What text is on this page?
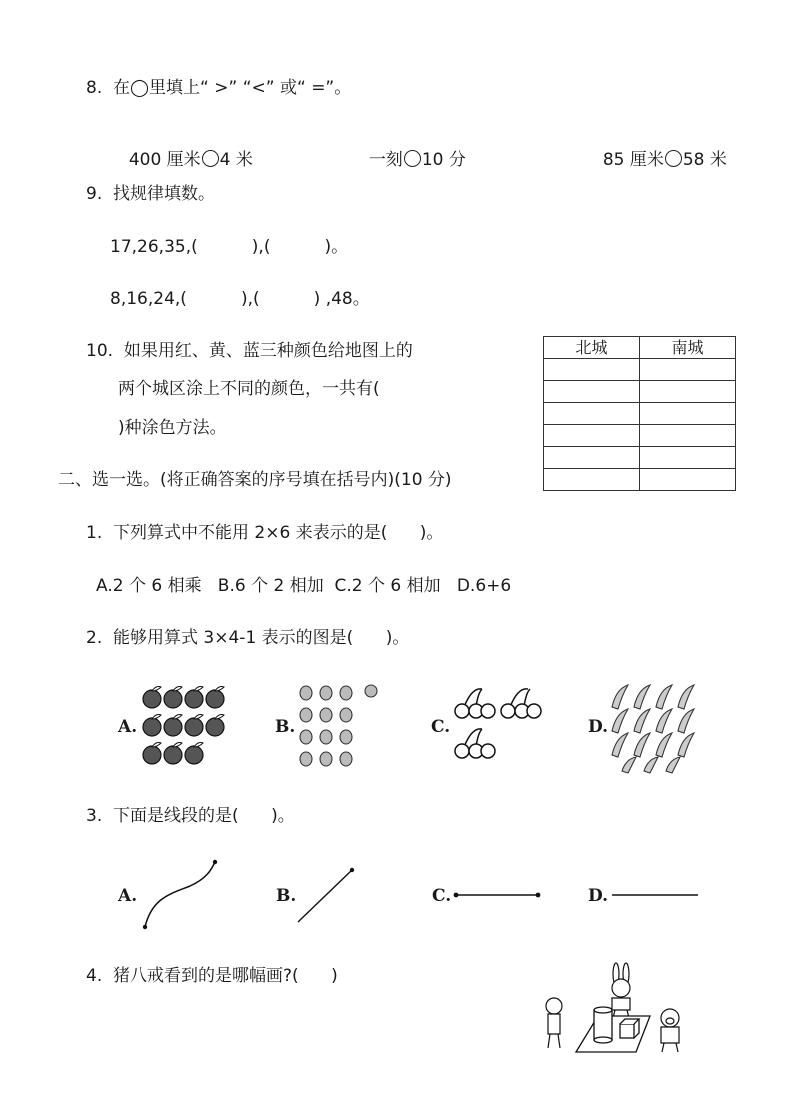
8.  在◯里填上“ >” “<” 或“ =”。

400 厘米 4 米	一刻 10 分	85 厘米 58 米

9.  找规律填数。
17,26,35,(          ),(          )。
8,16,24,(          ),(          ) ,48。
10.  如果用红、黄、蓝三种颜色给地图上的
两个城区涂上不同的颜色，一共有(
)种涂色方法。
北城	南城

二、选一选。(将正确答案的序号填在括号内)(10 分)
1.  下列算式中不能用 2×6 来表示的是(      )。
A.2 个 6 相乘   B.6 个 2 相加  C.2 个 6 相加   D.6+6
2.  能够用算式 3×4-1 表示的图是(      )。
A.	B.	C.	D.
3.  下面是线段的是(      )。
A.	B.	C.	D.
4.  猪八戒看到的是哪幅画?(      )
